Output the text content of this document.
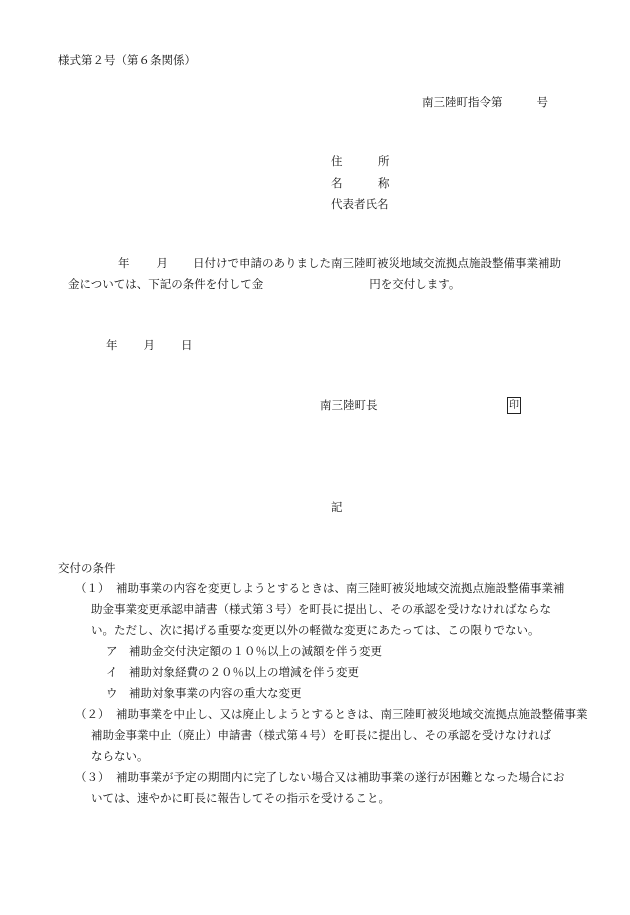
様式第２号（第６条関係）
南三陸町指令第	号
住	所
名	称
代表者氏名
年 月 日付けで申請のありました南三陸町被災地域交流拠点施設整備事業補助
金については、下記の条件を付して金	円を交付します。
年 月 日
南三陸町長	印
記
交付の条件
（１） 補助事業の内容を変更しようとするときは、南三陸町被災地域交流拠点施設整備事業補
助金事業変更承認申請書（様式第３号）を町長に提出し、その承認を受けなければならな
い。ただし、次に掲げる重要な変更以外の軽微な変更にあたっては、この限りでない。
ア　補助金交付決定額の１０％以上の減額を伴う変更
イ　補助対象経費の２０％以上の増減を伴う変更
ウ　補助対象事業の内容の重大な変更
（２） 補助事業を中止し、又は廃止しようとするときは、南三陸町被災地域交流拠点施設整備事業
補助金事業中止（廃止）申請書（様式第４号）を町長に提出し、その承認を受けなければ
ならない。
（３） 補助事業が予定の期間内に完了しない場合又は補助事業の遂行が困難となった場合にお
いては、速やかに町長に報告してその指示を受けること。
